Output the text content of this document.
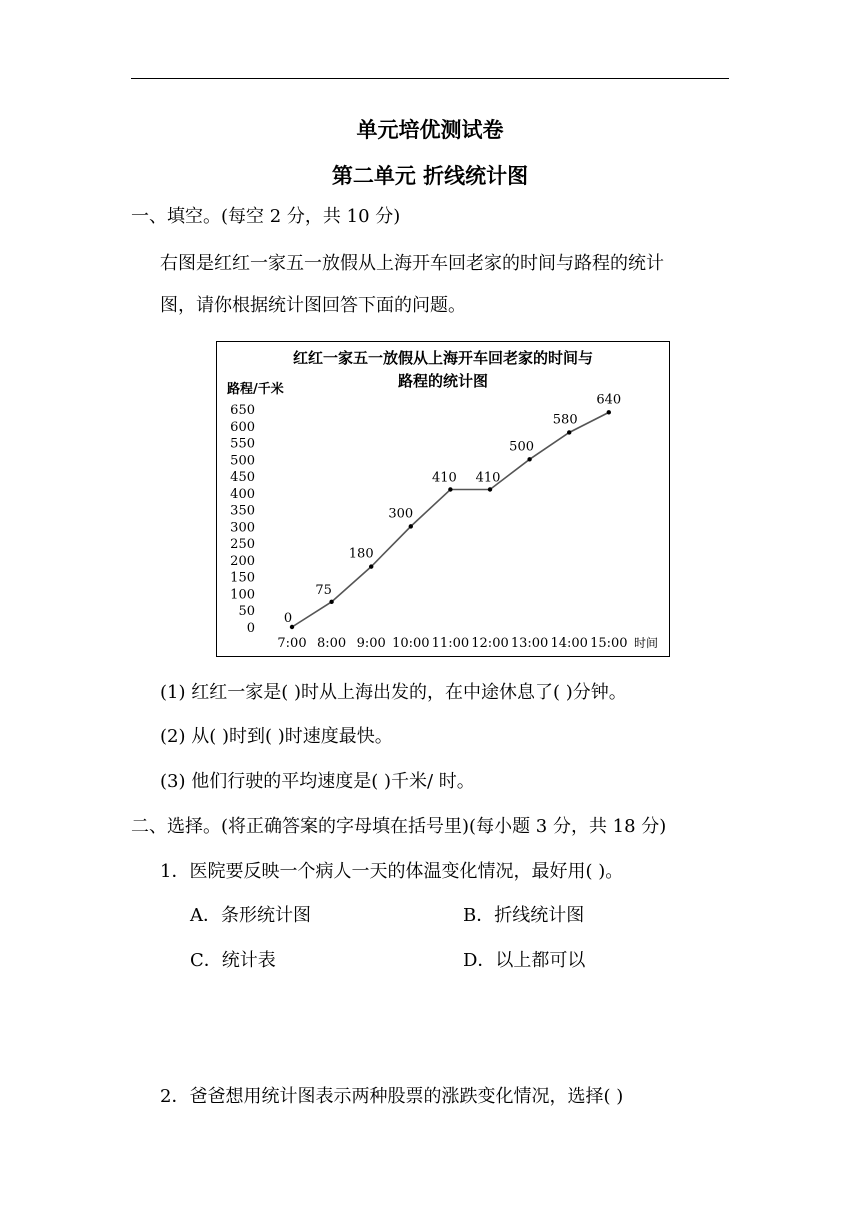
单元培优测试卷
第二单元 折线统计图
一、填空。(每空 2 分，共 10 分)
右图是红红一家五一放假从上海开车回老家的时间与路程的统计
图，请你根据统计图回答下面的问题。
红红一家五一放假从上海开车回老家的时间与
路程的统计图
路程/千米
时间
650
600
550
500
450
400
350
300
250
200
150
100
50
0
7:00 8:00 9:00 10:00 11:00 12:00 13:00 14:00 15:00
0
75
180
300
410 410
500
580
640
(1) 红红一家是( )时从上海出发的，在中途休息了( )分钟。
(2) 从( )时到( )时速度最快。
(3) 他们行驶的平均速度是( )千米/ 时。
二、选择。(将正确答案的字母填在括号里)(每小题 3 分，共 18 分)
1．医院要反映一个病人一天的体温变化情况，最好用( )。
A．条形统计图	B．折线统计图
C．统计表	D．以上都可以
2．爸爸想用统计图表示两种股票的涨跌变化情况，选择( )
